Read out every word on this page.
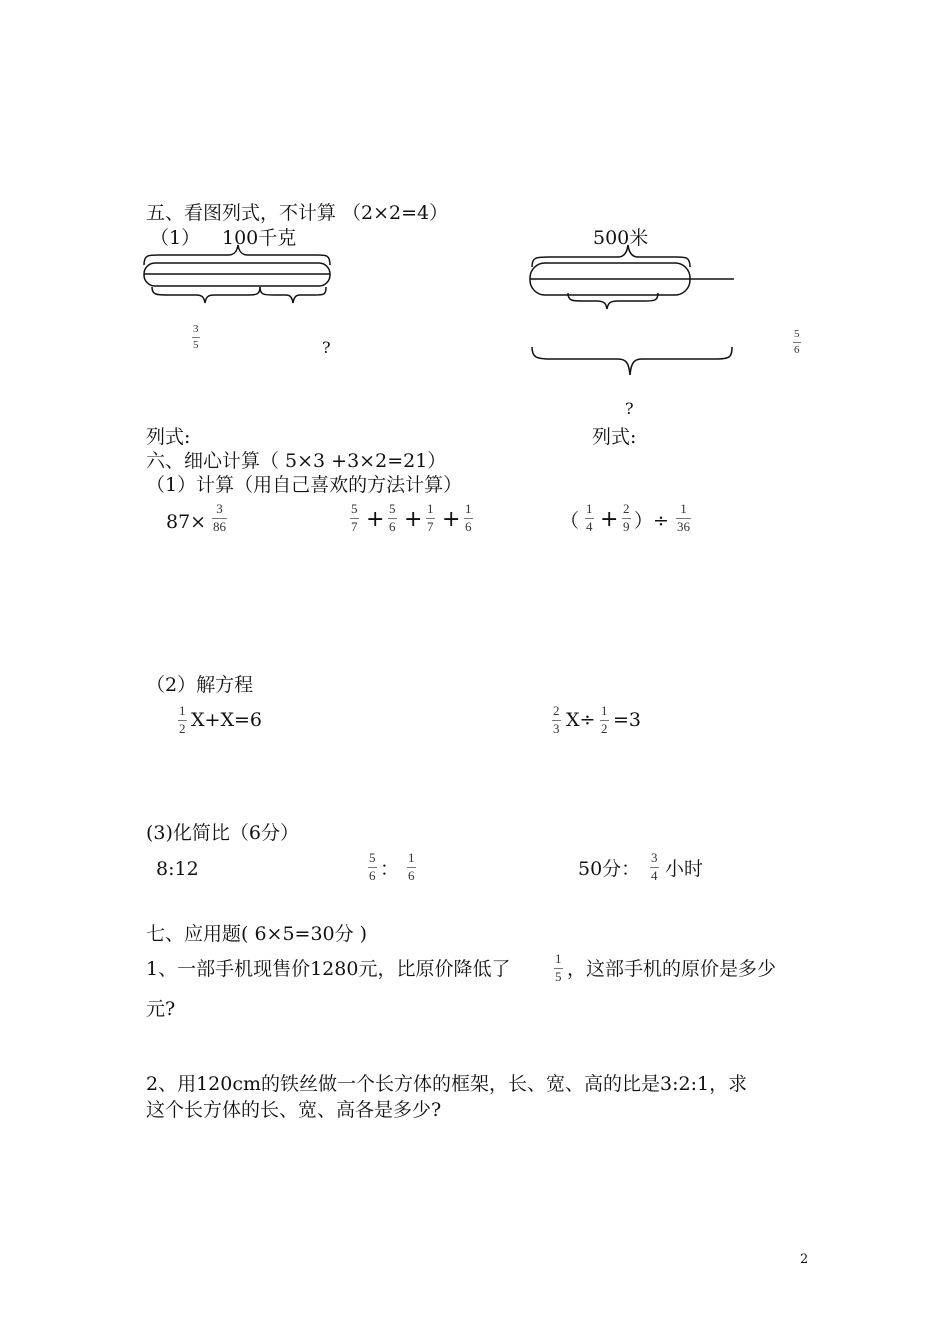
五、看图列式，不计算 （2×2=4）
（1） 100千克
3
5	?
500米
5
6
?
列式:	列式:
六、细心计算（ 5×3 +3×2=21）
（1）计算（用自己喜欢的方法计算）
87×
3
86
5
7 + 5
6 + 1
7 + 1
6	（
1
4 + 2
9 ）÷
1
36
（2）解方程
1
2 X+X=6	2
3 X÷ 1
2 =3
(3)化简比（6分）
8:12
5
6 ：
1
6	50分：
3
4 小时
七、应用题( 6×5=30分 )
1、一部手机现售价1280元，比原价降低了	1
5 ，这部手机的原价是多少
元?
2、用120cm的铁丝做一个长方体的框架，长、宽、高的比是3:2:1，求
这个长方体的长、宽、高各是多少?
2
